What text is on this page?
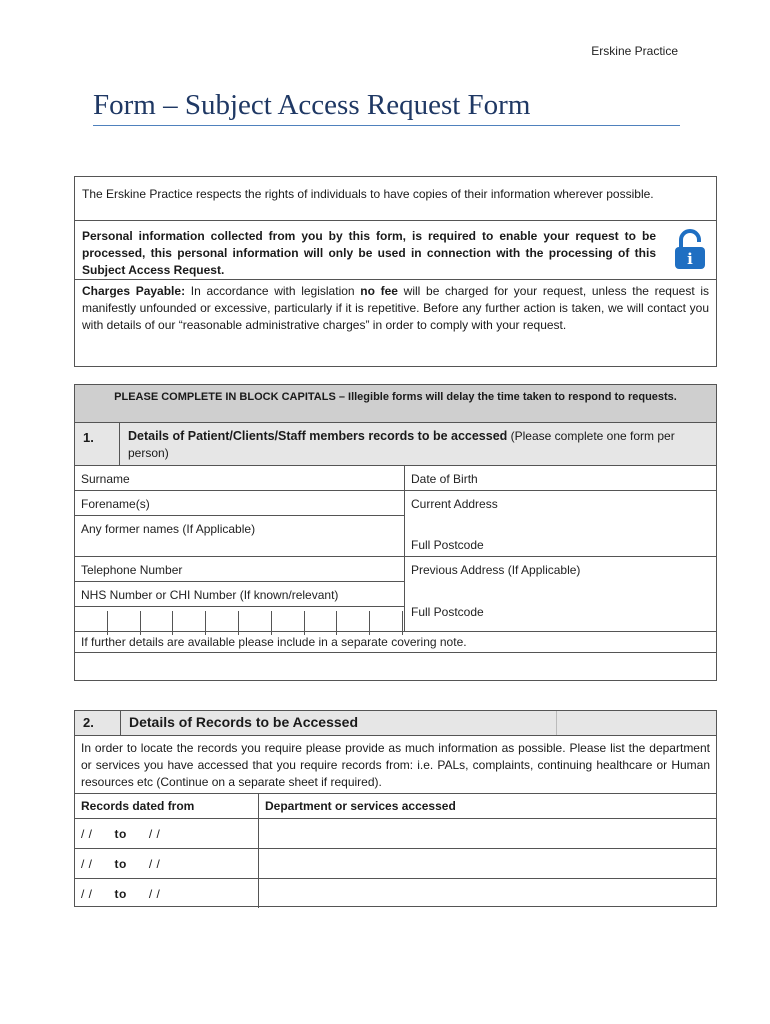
Erskine Practice
Form – Subject Access Request Form
The Erskine Practice respects the rights of individuals to have copies of their information wherever possible.
Personal information collected from you by this form, is required to enable your request to be processed, this personal information will only be used in connection with the processing of this Subject Access Request.
i
Charges Payable: In accordance with legislation no fee will be charged for your request, unless the request is manifestly unfounded or excessive, particularly if it is repetitive. Before any further action is taken, we will contact you with details of our “reasonable administrative charges” in order to comply with your request.
PLEASE COMPLETE IN BLOCK CAPITALS – Illegible forms will delay the time taken to respond to requests.
1.	Details of Patient/Clients/Staff members records to be accessed (Please complete one form per person)
Surname	Date of Birth
Forename(s)	Current Address
Any former names (If Applicable)
Full Postcode
Telephone Number	Previous Address (If Applicable)
NHS Number or CHI Number (If known/relevant)
Full Postcode
If further details are available please include in a separate covering note.
2.	Details of Records to be Accessed
In order to locate the records you require please provide as much information as possible. Please list the department or services you have accessed that you require records from: i.e. PALs, complaints, continuing healthcare or Human resources etc (Continue on a separate sheet if required).
Records dated from	Department or services accessed
/ / to / /	
/ / to / /	
/ / to / /	
